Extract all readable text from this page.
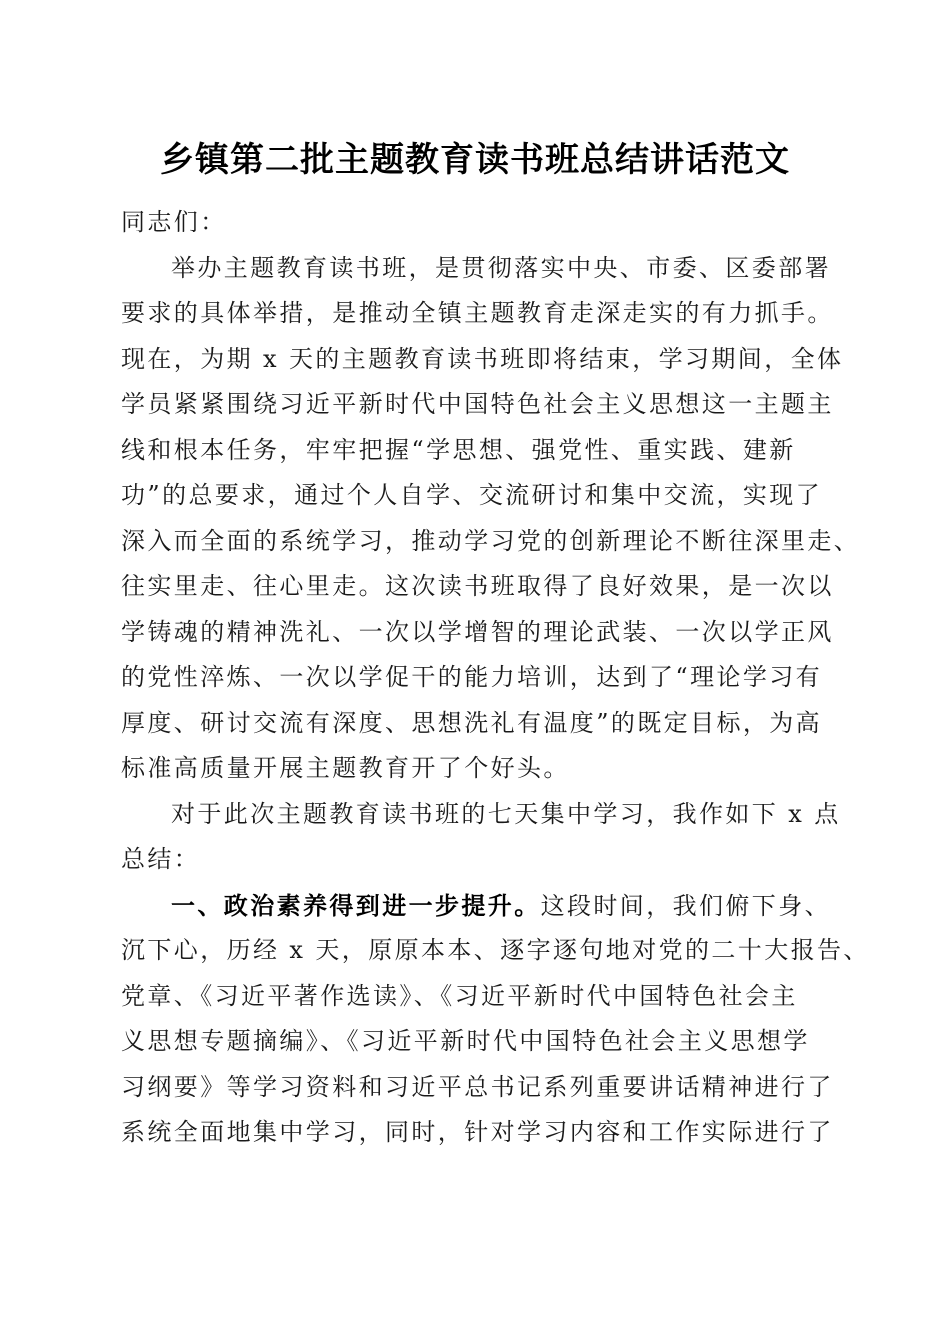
乡镇第二批主题教育读书班总结讲话范文
同志们：
举办主题教育读书班，是贯彻落实中央、市委、区委部署
要求的具体举措，是推动全镇主题教育走深走实的有力抓手。
现在，为期 x 天的主题教育读书班即将结束，学习期间，全体
学员紧紧围绕习近平新时代中国特色社会主义思想这一主题主
线和根本任务，牢牢把握“学思想、强党性、重实践、建新
功”的总要求，通过个人自学、交流研讨和集中交流，实现了
深入而全面的系统学习，推动学习党的创新理论不断往深里走、
往实里走、往心里走。这次读书班取得了良好效果，是一次以
学铸魂的精神洗礼、一次以学增智的理论武装、一次以学正风
的党性淬炼、一次以学促干的能力培训，达到了“理论学习有
厚度、研讨交流有深度、思想洗礼有温度”的既定目标，为高
标准高质量开展主题教育开了个好头。
对于此次主题教育读书班的七天集中学习，我作如下 x 点
总结：
一、政治素养得到进一步提升。这段时间，我们俯下身、
沉下心，历经 x 天，原原本本、逐字逐句地对党的二十大报告、
党章、《习近平著作选读》、《习近平新时代中国特色社会主
义思想专题摘编》、《习近平新时代中国特色社会主义思想学
习纲要》等学习资料和习近平总书记系列重要讲话精神进行了
系统全面地集中学习，同时，针对学习内容和工作实际进行了
